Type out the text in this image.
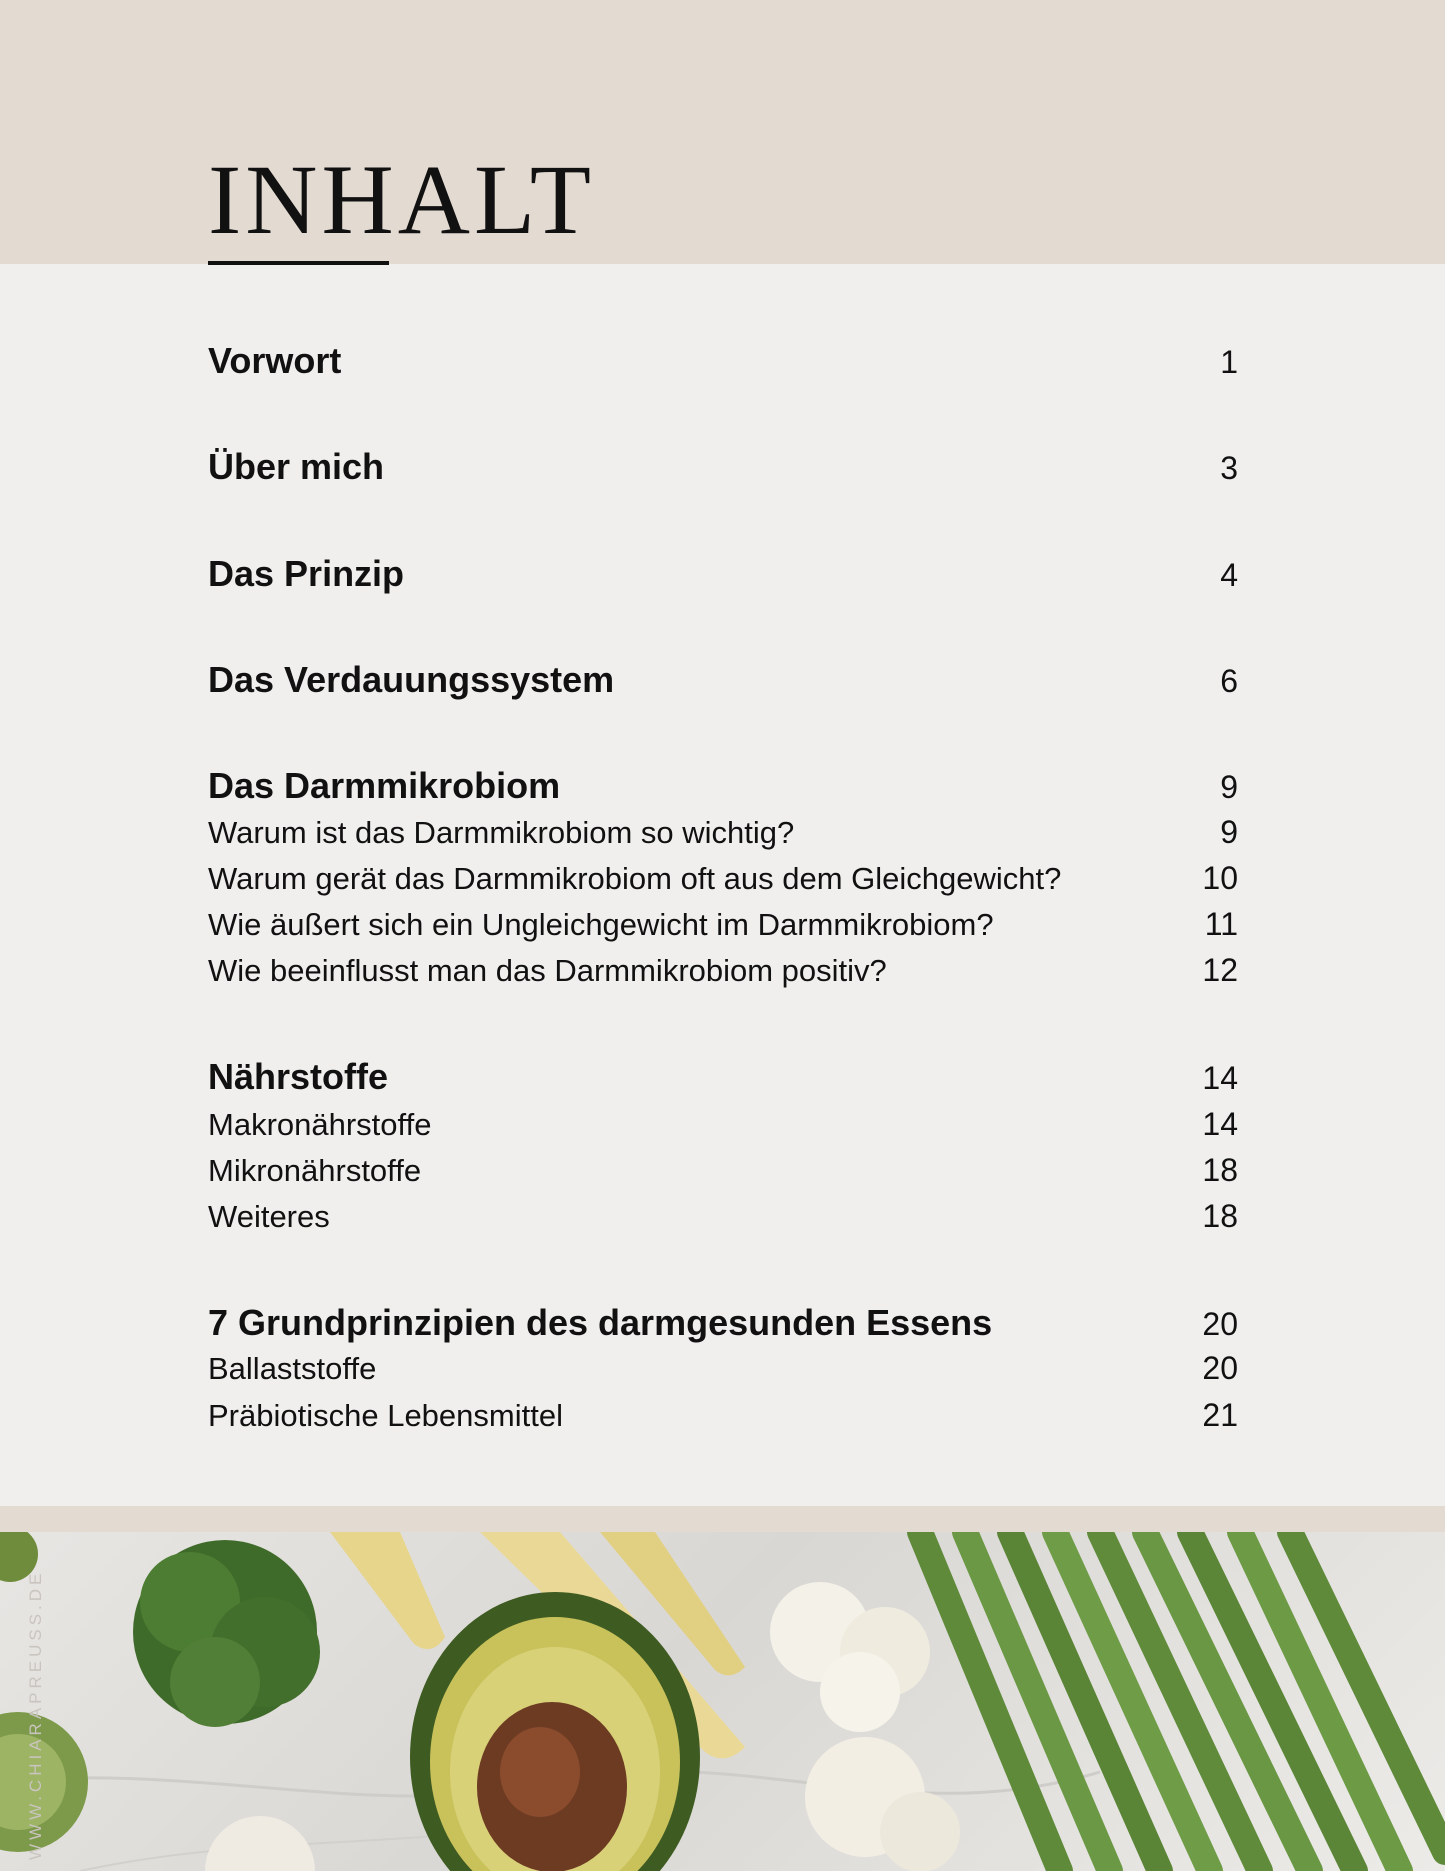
INHALT
Vorwort	1
Über mich	3
Das Prinzip	4
Das Verdauungssystem	6
Das Darmmikrobiom	9
Warum ist das Darmmikrobiom so wichtig?	9
Warum gerät das Darmmikrobiom oft aus dem Gleichgewicht?	10
Wie äußert sich ein Ungleichgewicht im Darmmikrobiom?	11
Wie beeinflusst man das Darmmikrobiom positiv?	12
Nährstoffe	14
Makronährstoffe	14
Mikronährstoffe	18
Weiteres	18
7 Grundprinzipien des darmgesunden Essens	20
Ballaststoffe	20
Präbiotische Lebensmittel	21
WWW.CHIARAPREUSS.DE
